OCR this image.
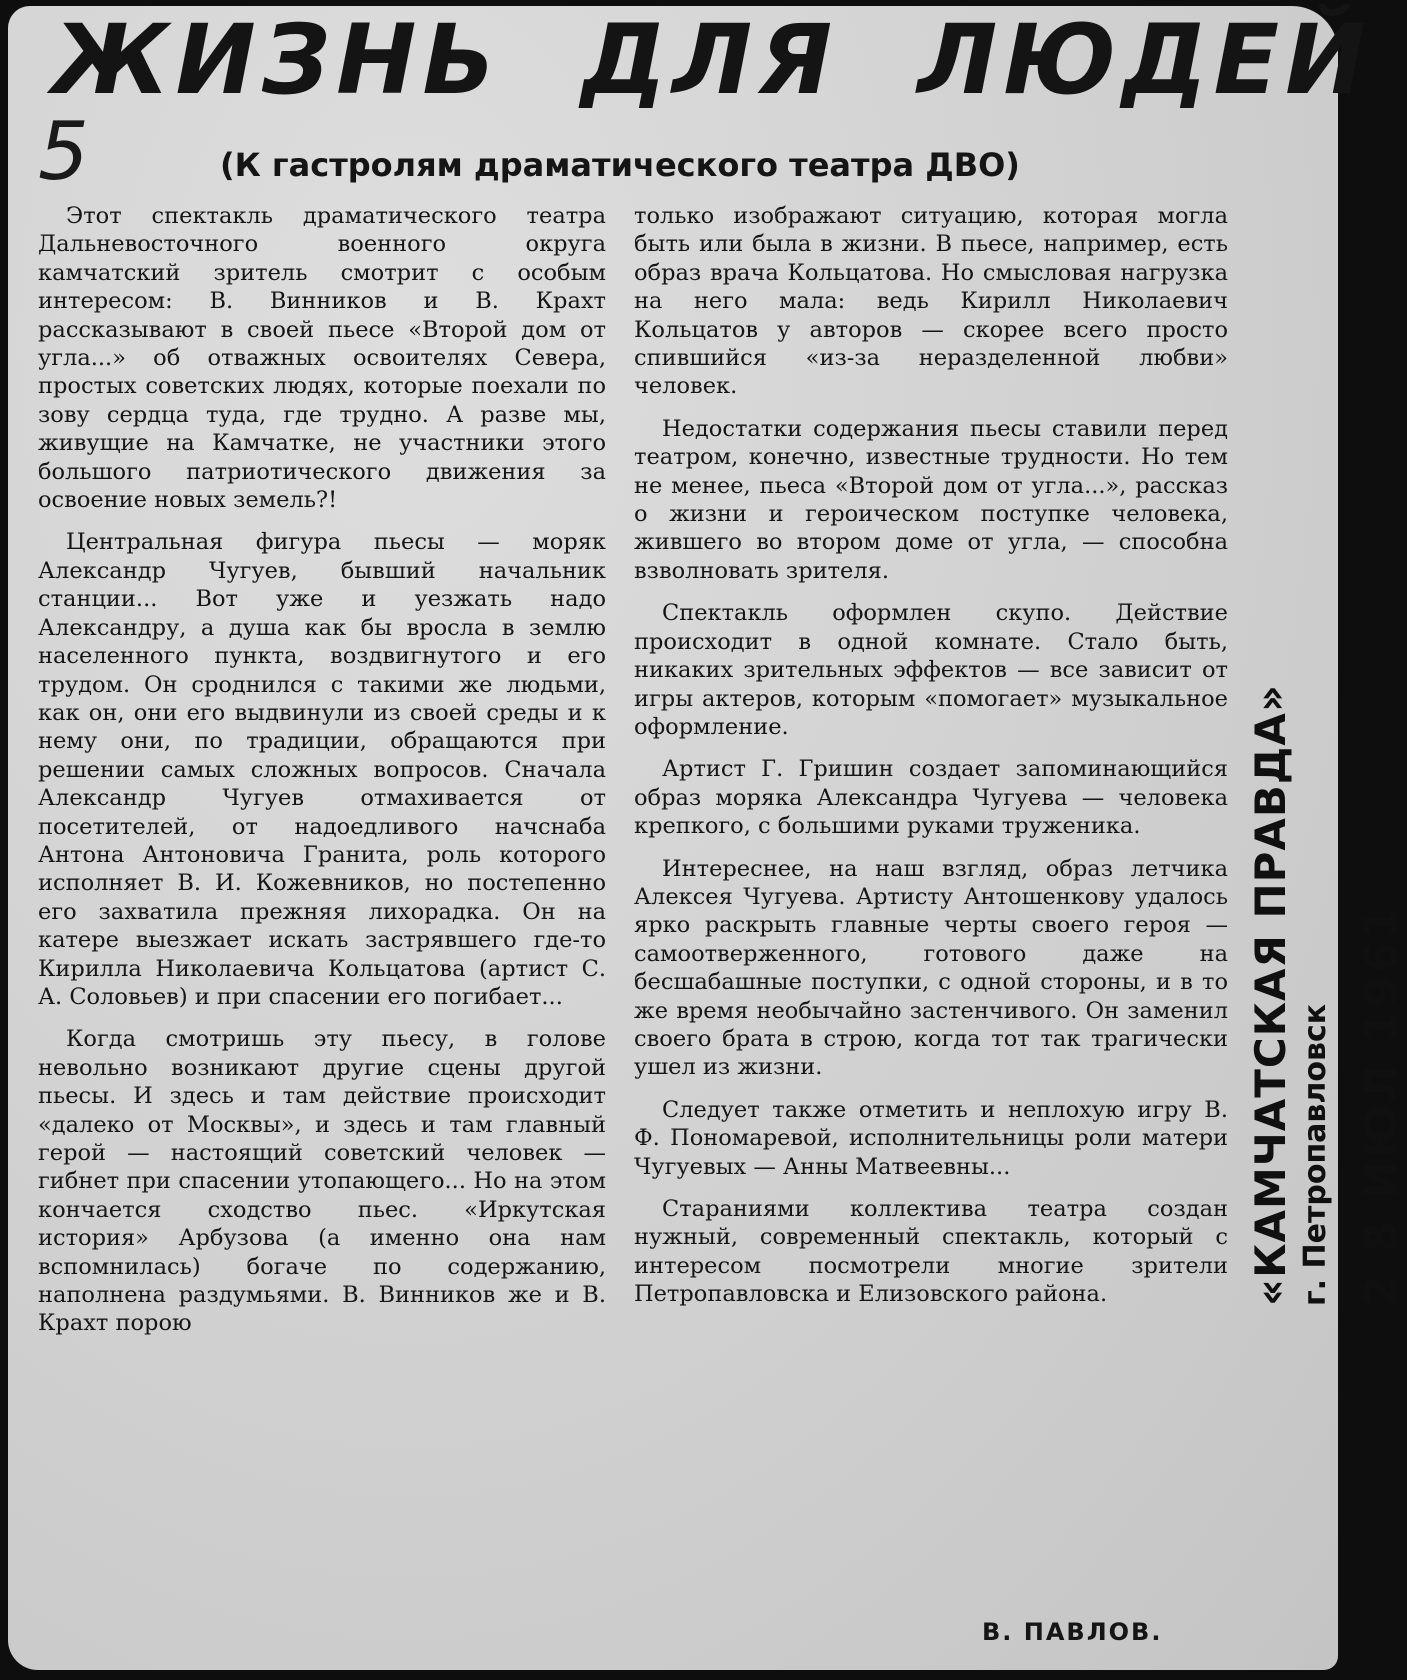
ЖИЗНЬ ДЛЯ ЛЮДЕЙ
5	(К гастролям драматического театра ДВО)

Этот спектакль драматического театра Дальневосточного военного округа камчатский зритель смотрит с особым интересом: В. Винников и В. Крахт рассказывают в своей пьесе «Второй дом от угла...» об отважных освоителях Севера, простых советских людях, которые поехали по зову сердца туда, где трудно. А разве мы, живущие на Камчатке, не участники этого большого патриотического движения за освоение новых земель?!

Центральная фигура пьесы — моряк Александр Чугуев, бывший начальник станции... Вот уже и уезжать надо Александру, а душа как бы вросла в землю населенного пункта, воздвигнутого и его трудом. Он сроднился с такими же людьми, как он, они его выдвинули из своей среды и к нему они, по традиции, обращаются при решении самых сложных вопросов. Сначала Александр Чугуев отмахивается от посетителей, от надоедливого начснаба Антона Антоновича Гранита, роль которого исполняет В. И. Кожевников, но постепенно его захватила прежняя лихорадка. Он на катере выезжает искать застрявшего где-то Кирилла Николаевича Кольцатова (артист С. А. Соловьев) и при спасении его погибает...

Когда смотришь эту пьесу, в голове невольно возникают другие сцены другой пьесы. И здесь и там действие происходит «далеко от Москвы», и здесь и там главный герой — настоящий советский человек — гибнет при спасении утопающего... Но на этом кончается сходство пьес. «Иркутская история» Арбузова (а именно она нам вспомнилась) богаче по содержанию, наполнена раздумьями. В. Винников же и В. Крахт порою

только изображают ситуацию, которая могла быть или была в жизни. В пьесе, например, есть образ врача Кольцатова. Но смысловая нагрузка на него мала: ведь Кирилл Николаевич Кольцатов у авторов — скорее всего просто спившийся «из-за неразделенной любви» человек.

Недостатки содержания пьесы ставили перед театром, конечно, известные трудности. Но тем не менее, пьеса «Второй дом от угла...», рассказ о жизни и героическом поступке человека, жившего во втором доме от угла, — способна взволновать зрителя.

Спектакль оформлен скупо. Действие происходит в одной комнате. Стало быть, никаких зрительных эффектов — все зависит от игры актеров, которым «помогает» музыкальное оформление.

Артист Г. Гришин создает запоминающийся образ моряка Александра Чугуева — человека крепкого, с большими руками труженика.

Интереснее, на наш взгляд, образ летчика Алексея Чугуева. Артисту Антошенкову удалось ярко раскрыть главные черты своего героя — самоотверженного, готового даже на бесшабашные поступки, с одной стороны, и в то же время необычайно застенчивого. Он заменил своего брата в строю, когда тот так трагически ушел из жизни.

Следует также отметить и неплохую игру В. Ф. Пономаревой, исполнительницы роли матери Чугуевых — Анны Матвеевны...

Стараниями коллектива театра создан нужный, современный спектакль, который с интересом посмотрели многие зрители Петропавловска и Елизовского района.

В. ПАВЛОВ.
«КАМЧАТСКАЯ ПРАВДА» г. Петропавловск 2 8 ИЮЛ 1961
